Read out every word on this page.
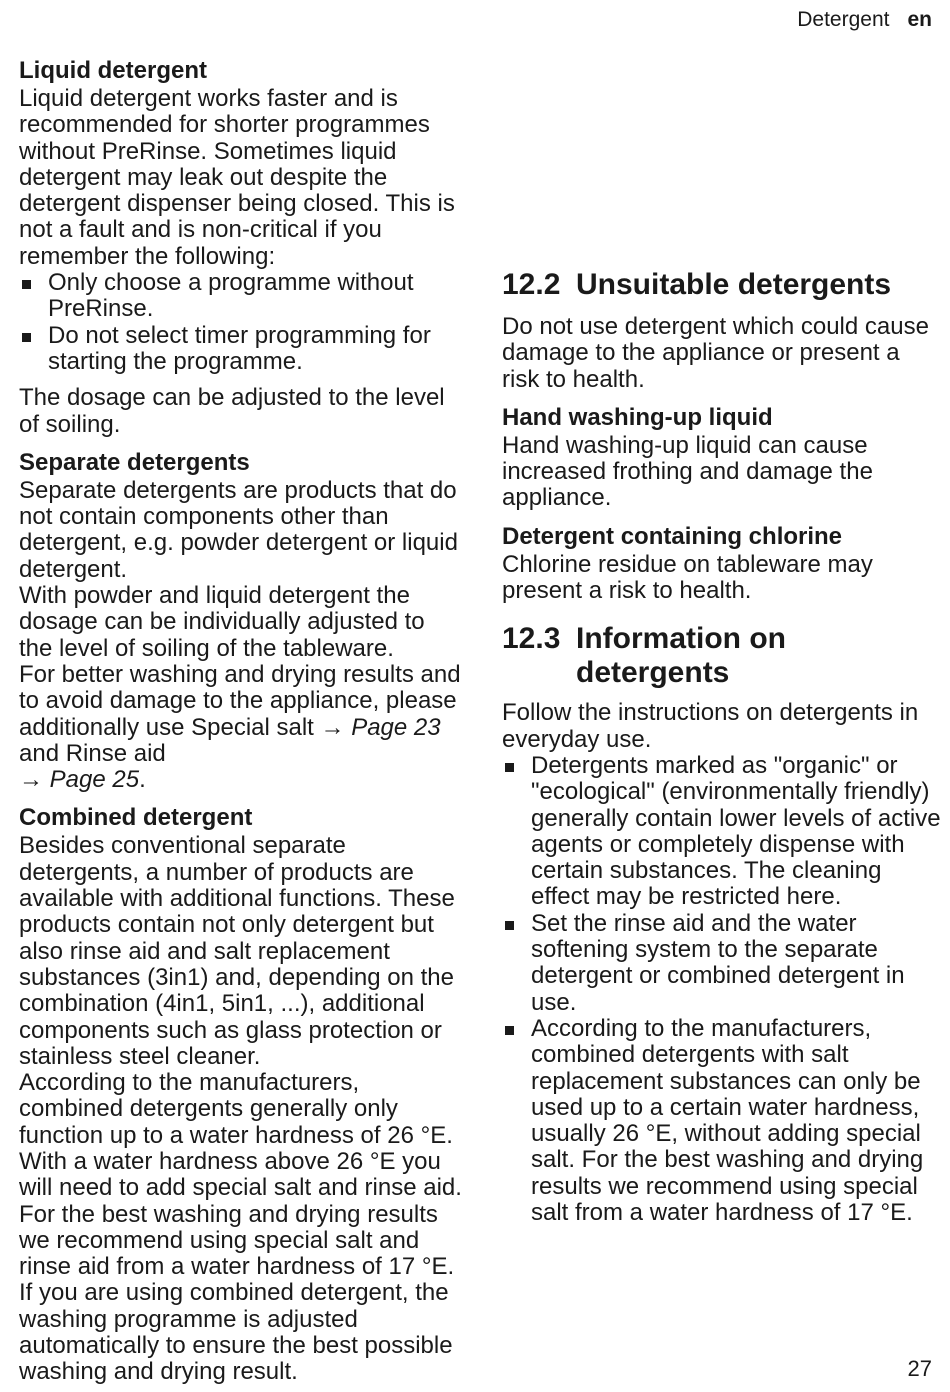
Detergent en
Liquid detergent

Liquid detergent works faster and is recommended for shorter programmes without PreRinse. Sometimes liquid detergent may leak out despite the detergent dispenser being closed. This is not a fault and is non-critical if you remember the following:

Only choose a programme without PreRinse.
Do not select timer programming for starting the programme.

The dosage can be adjusted to the level of soiling.

Separate detergents

Separate detergents are products that do not contain components other than detergent, e.g. powder detergent or liquid detergent.

With powder and liquid detergent the dosage can be individually adjusted to the level of soiling of the tableware.

For better washing and drying results and to avoid damage to the appliance, please additionally use Special salt → Page 23 and Rinse aid
→ Page 25.

Combined detergent

Besides conventional separate detergents, a number of products are available with additional functions. These products contain not only detergent but also rinse aid and salt replacement substances (3in1) and, depending on the combination (4in1, 5in1, ...), additional components such as glass protection or stainless steel cleaner.

According to the manufacturers, combined detergents generally only function up to a water hardness of 26 °E. With a water hardness above 26 °E you will need to add special salt and rinse aid. For the best washing and drying results we recommend using special salt and rinse aid from a water hardness of 17 °E. If you are using combined detergent, the washing programme is adjusted automatically to ensure the best possible washing and drying result.

12.2 Unsuitable detergents

Do not use detergent which could cause damage to the appliance or present a risk to health.

Hand washing-up liquid

Hand washing-up liquid can cause increased frothing and damage the appliance.

Detergent containing chlorine

Chlorine residue on tableware may present a risk to health.

12.3 Information on detergents

Follow the instructions on detergents in everyday use.

Detergents marked as "organic" or "ecological" (environmentally friendly) generally contain lower levels of active agents or completely dispense with certain substances. The cleaning effect may be restricted here.
Set the rinse aid and the water softening system to the separate detergent or combined detergent in use.
According to the manufacturers, combined detergents with salt replacement substances can only be used up to a certain water hardness, usually 26 °E, without adding special salt. For the best washing and drying results we recommend using special salt from a water hardness of 17 °E.
27
